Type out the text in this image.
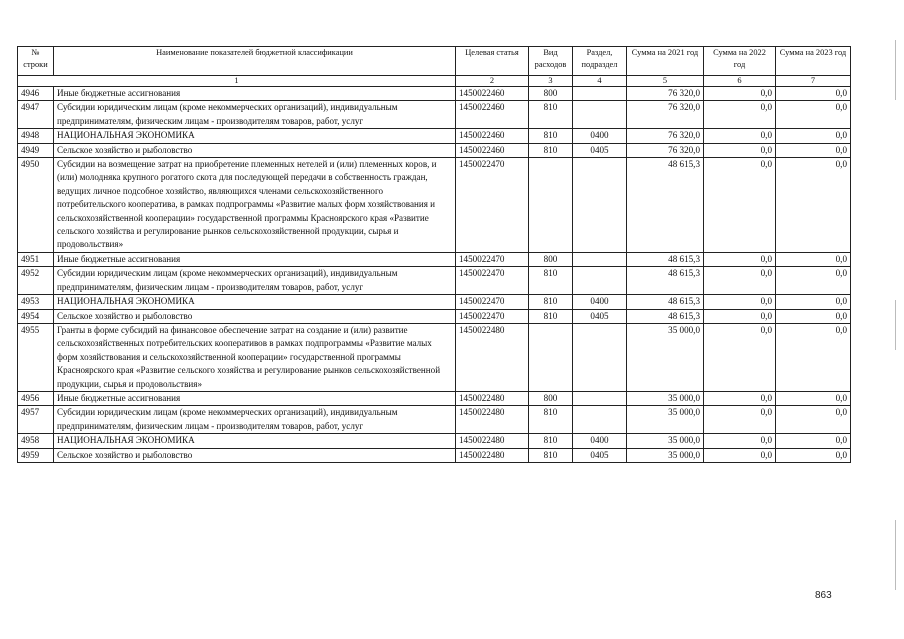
№ строки	Наименование показателей бюджетной классификации	Целевая статья	Вид расходов	Раздел, подраздел	Сумма на 2021 год	Сумма на 2022 год	Сумма на 2023 год
1		2	3	4	5	6	7
4946	Иные бюджетные ассигнования	1450022460	800		76 320,0	0,0	0,0
4947	Субсидии юридическим лицам (кроме некоммерческих организаций), индивидуальным предпринимателям, физическим лицам - производителям товаров, работ, услуг	1450022460	810		76 320,0	0,0	0,0
4948	НАЦИОНАЛЬНАЯ ЭКОНОМИКА	1450022460	810	0400	76 320,0	0,0	0,0
4949	Сельское хозяйство и рыболовство	1450022460	810	0405	76 320,0	0,0	0,0
4950	Субсидии на возмещение затрат на приобретение племенных нетелей и (или) племенных коров, и (или) молодняка крупного рогатого скота для последующей передачи в собственность граждан, ведущих личное подсобное хозяйство, являющихся членами сельскохозяйственного потребительского кооператива, в рамках подпрограммы «Развитие малых форм хозяйствования и сельскохозяйственной кооперации» государственной программы Красноярского края «Развитие сельского хозяйства и регулирование рынков сельскохозяйственной продукции, сырья и продовольствия»	1450022470			48 615,3	0,0	0,0
4951	Иные бюджетные ассигнования	1450022470	800		48 615,3	0,0	0,0
4952	Субсидии юридическим лицам (кроме некоммерческих организаций), индивидуальным предпринимателям, физическим лицам - производителям товаров, работ, услуг	1450022470	810		48 615,3	0,0	0,0
4953	НАЦИОНАЛЬНАЯ ЭКОНОМИКА	1450022470	810	0400	48 615,3	0,0	0,0
4954	Сельское хозяйство и рыболовство	1450022470	810	0405	48 615,3	0,0	0,0
4955	Гранты в форме субсидий на финансовое обеспечение затрат на создание и (или) развитие сельскохозяйственных потребительских кооперативов в рамках подпрограммы «Развитие малых форм хозяйствования и сельскохозяйственной кооперации» государственной программы Красноярского края «Развитие сельского хозяйства и регулирование рынков сельскохозяйственной продукции, сырья и продовольствия»	1450022480			35 000,0	0,0	0,0
4956	Иные бюджетные ассигнования	1450022480	800		35 000,0	0,0	0,0
4957	Субсидии юридическим лицам (кроме некоммерческих организаций), индивидуальным предпринимателям, физическим лицам - производителям товаров, работ, услуг	1450022480	810		35 000,0	0,0	0,0
4958	НАЦИОНАЛЬНАЯ ЭКОНОМИКА	1450022480	810	0400	35 000,0	0,0	0,0
4959	Сельское хозяйство и рыболовство	1450022480	810	0405	35 000,0	0,0	0,0
863
